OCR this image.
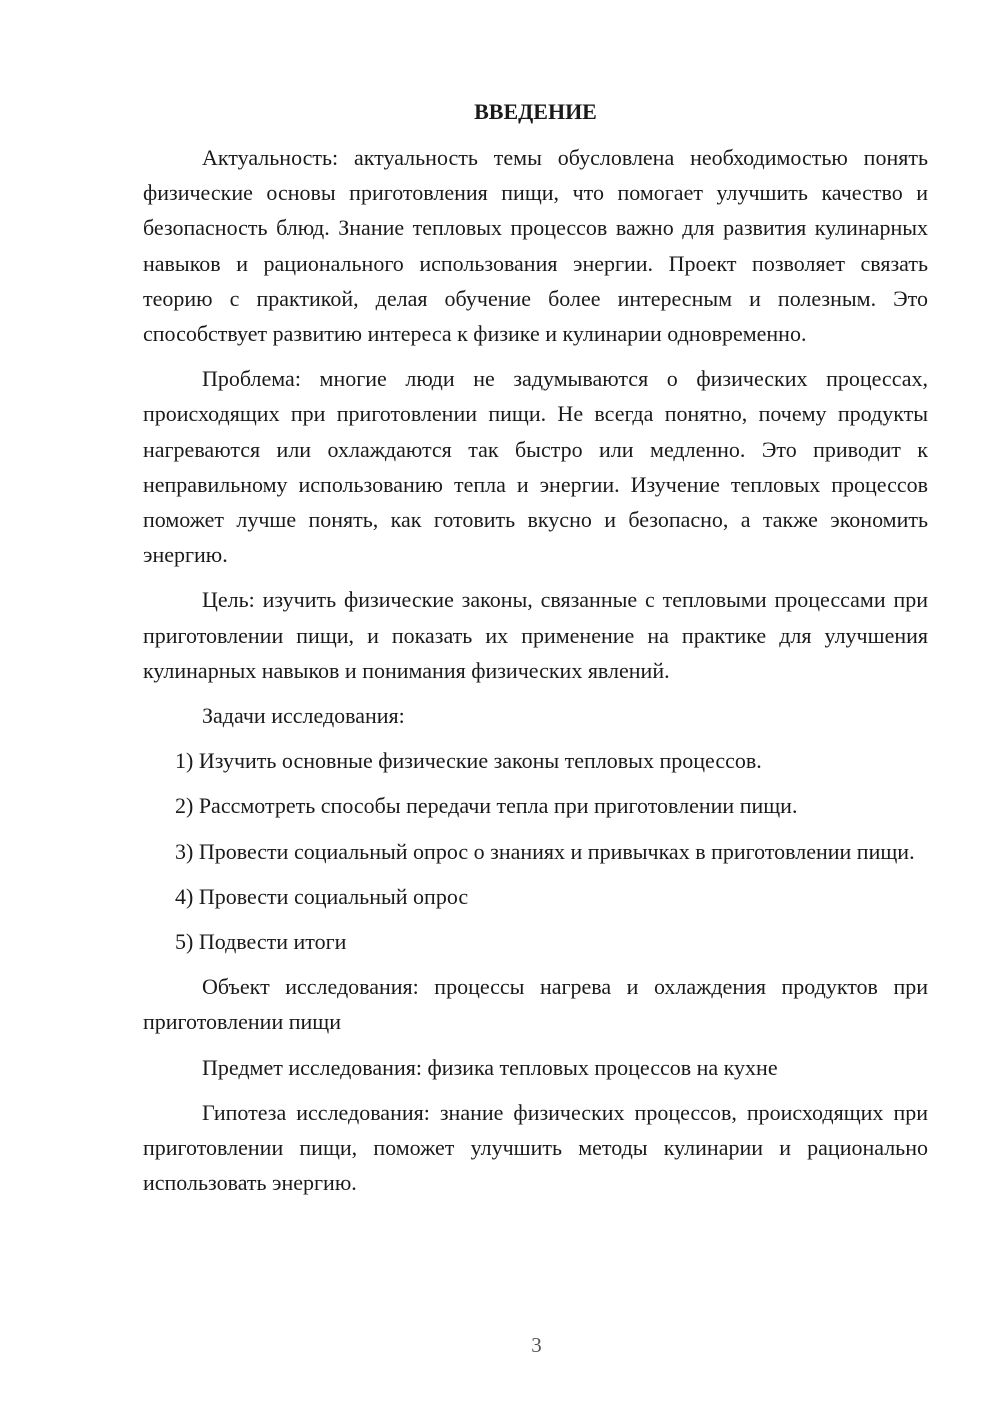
ВВЕДЕНИЕ

Актуальность: актуальность темы обусловлена необходимостью понять физические основы приготовления пищи, что помогает улучшить качество и безопасность блюд. Знание тепловых процессов важно для развития кулинарных навыков и рационального использования энергии. Проект позволяет связать теорию с практикой, делая обучение более интересным и полезным. Это способствует развитию интереса к физике и кулинарии одновременно.

Проблема: многие люди не задумываются о физических процессах, происходящих при приготовлении пищи. Не всегда понятно, почему продукты нагреваются или охлаждаются так быстро или медленно. Это приводит к неправильному использованию тепла и энергии. Изучение тепловых процессов поможет лучше понять, как готовить вкусно и безопасно, а также экономить энергию.

Цель: изучить физические законы, связанные с тепловыми процессами при приготовлении пищи, и показать их применение на практике для улучшения кулинарных навыков и понимания физических явлений.

Задачи исследования:

1) Изучить основные физические законы тепловых процессов.

2) Рассмотреть способы передачи тепла при приготовлении пищи.

3) Провести социальный опрос о знаниях и привычках в приготовлении пищи.

4) Провести социальный опрос

5) Подвести итоги

Объект исследования: процессы нагрева и охлаждения продуктов при приготовлении пищи

Предмет исследования: физика тепловых процессов на кухне

Гипотеза исследования: знание физических процессов, происходящих при приготовлении пищи, поможет улучшить методы кулинарии и рационально использовать энергию.

3
